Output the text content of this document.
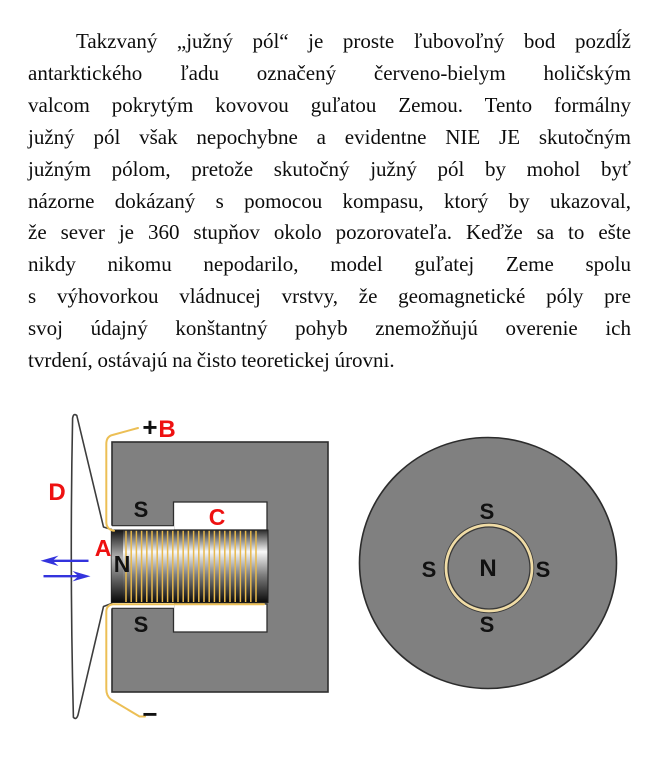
Takzvaný „južný pól“ je proste ľubovoľný bod pozdĺž
antarktického ľadu označený červeno-bielym holičským
valcom pokrytým kovovou guľatou Zemou. Tento formálny
južný pól však nepochybne a evidentne NIE JE skutočným
južným pólom, pretože skutočný južný pól by mohol byť
názorne dokázaný s pomocou kompasu, ktorý by ukazoval,
že sever je 360 stupňov okolo pozorovateľa. Keďže sa to ešte
nikdy nikomu nepodarilo, model guľatej Zeme spolu
s výhovorkou vládnucej vrstvy, že geomagnetické póly pre
svoj údajný konštantný pohyb znemožňujú overenie ich
tvrdení, ostávajú na čisto teoretickej úrovni.
+ B
D
S	C
A
N
S
−
S
S	S
S
N
